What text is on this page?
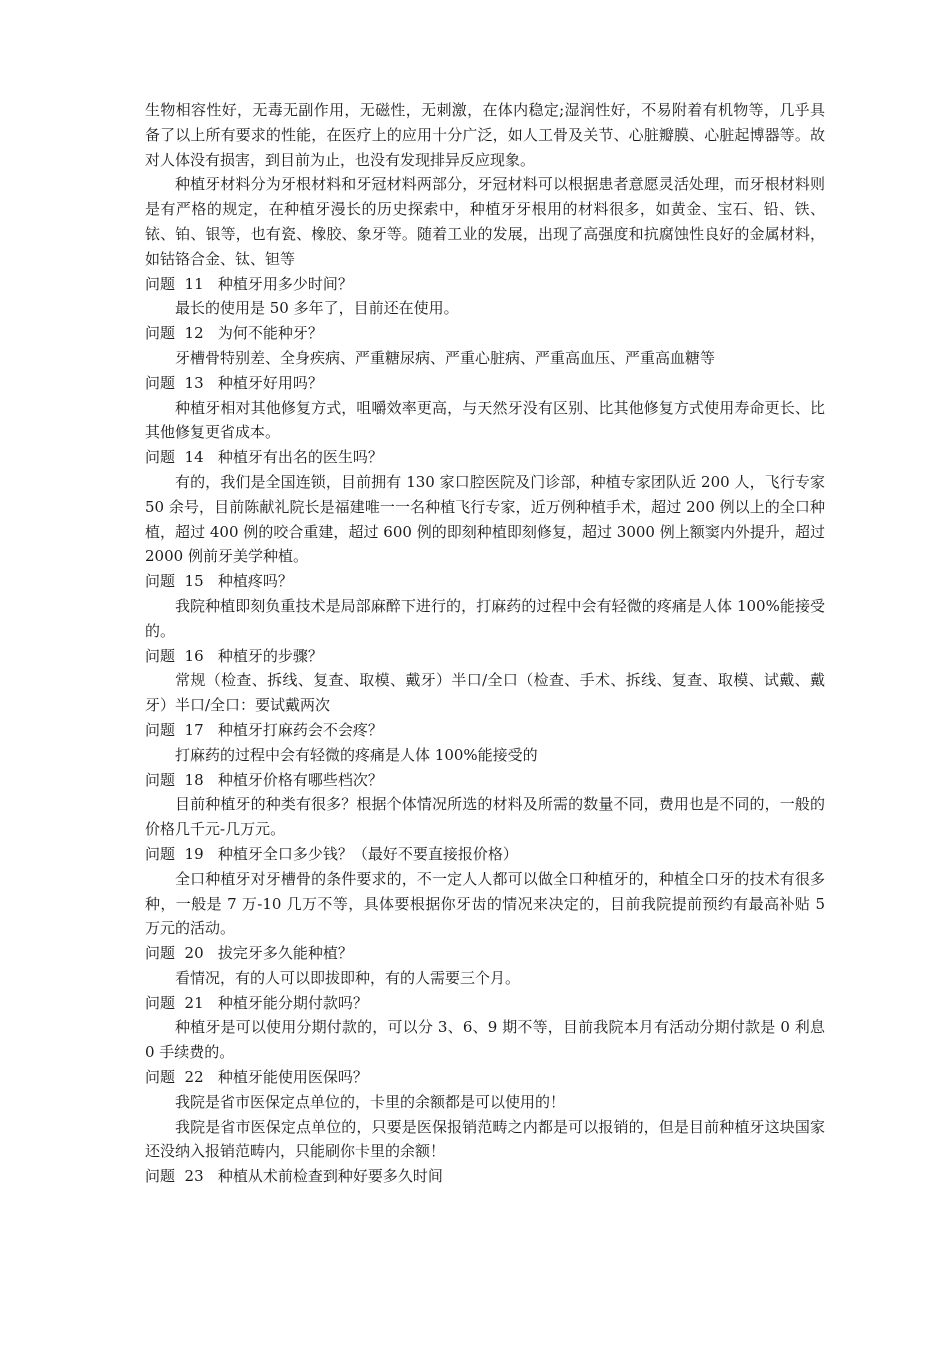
生物相容性好，无毒无副作用，无磁性，无刺激，在体内稳定;湿润性好，不易附着有机物等，几乎具备了以上所有要求的性能，在医疗上的应用十分广泛，如人工骨及关节、心脏瓣膜、心脏起博器等。故对人体没有损害，到目前为止，也没有发现排异反应现象。

种植牙材料分为牙根材料和牙冠材料两部分，牙冠材料可以根据患者意愿灵活处理，而牙根材料则是有严格的规定，在种植牙漫长的历史探索中，种植牙牙根用的材料很多，如黄金、宝石、铅、铁、铱、铂、银等，也有瓷、橡胶、象牙等。随着工业的发展，出现了高强度和抗腐蚀性良好的金属材料，如钴铬合金、钛、钽等

问题  11   种植牙用多少时间？

最长的使用是 50 多年了，目前还在使用。

问题  12   为何不能种牙？

牙槽骨特别差、全身疾病、严重糖尿病、严重心脏病、严重高血压、严重高血糖等

问题  13   种植牙好用吗？

种植牙相对其他修复方式，咀嚼效率更高，与天然牙没有区别、比其他修复方式使用寿命更长、比其他修复更省成本。

问题  14   种植牙有出名的医生吗？

有的，我们是全国连锁，目前拥有 130 家口腔医院及门诊部，种植专家团队近 200 人，飞行专家 50 余号，目前陈献礼院长是福建唯一一名种植飞行专家，近万例种植手术，超过 200 例以上的全口种植，超过 400 例的咬合重建，超过 600 例的即刻种植即刻修复，超过 3000 例上额窦内外提升，超过 2000 例前牙美学种植。

问题  15   种植疼吗？

我院种植即刻负重技术是局部麻醉下进行的，打麻药的过程中会有轻微的疼痛是人体 100%能接受的。

问题  16   种植牙的步骤？

常规（检查、拆线、复查、取模、戴牙）半口/全口（检查、手术、拆线、复查、取模、试戴、戴牙）半口/全口：要试戴两次

问题  17   种植牙打麻药会不会疼？

打麻药的过程中会有轻微的疼痛是人体 100%能接受的

问题  18   种植牙价格有哪些档次？

目前种植牙的种类有很多？根据个体情况所选的材料及所需的数量不同，费用也是不同的，一般的价格几千元-几万元。

问题  19   种植牙全口多少钱？（最好不要直接报价格）

全口种植牙对牙槽骨的条件要求的，不一定人人都可以做全口种植牙的，种植全口牙的技术有很多种，一般是 7 万-10 几万不等，具体要根据你牙齿的情况来决定的，目前我院提前预约有最高补贴 5 万元的活动。

问题  20   拔完牙多久能种植？

看情况，有的人可以即拔即种，有的人需要三个月。

问题  21   种植牙能分期付款吗？

种植牙是可以使用分期付款的，可以分 3、6、9 期不等，目前我院本月有活动分期付款是 0 利息 0 手续费的。

问题  22   种植牙能使用医保吗？

我院是省市医保定点单位的，卡里的余额都是可以使用的！

我院是省市医保定点单位的，只要是医保报销范畴之内都是可以报销的，但是目前种植牙这块国家还没纳入报销范畴内，只能刷你卡里的余额！

问题  23   种植从术前检查到种好要多久时间
